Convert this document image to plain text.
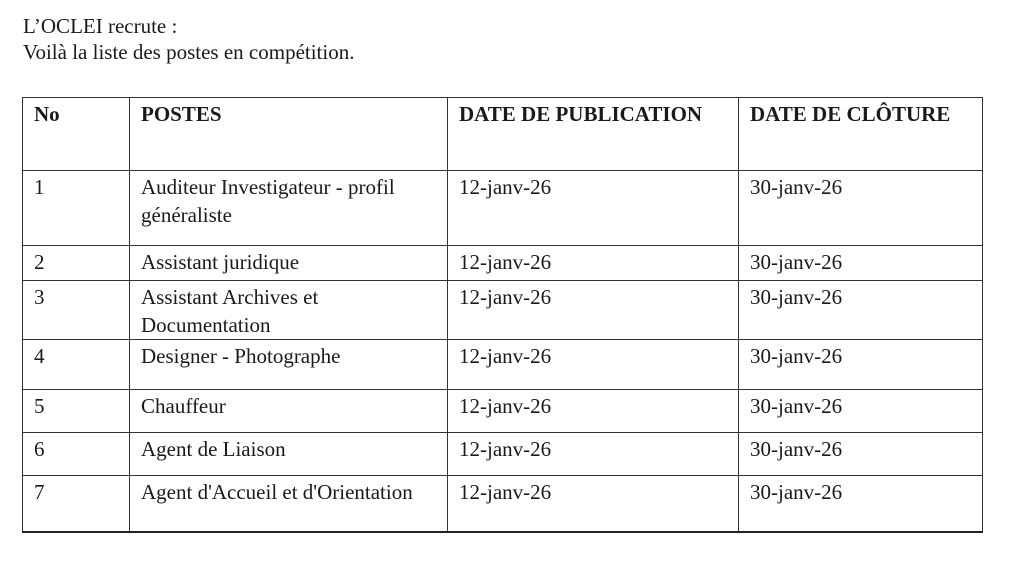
L’OCLEI recrute :
Voilà la liste des postes en compétition.
No	POSTES	DATE DE PUBLICATION	DATE DE CLÔTURE
1	Auditeur Investigateur - profil généraliste	12-janv-26	30-janv-26
2	Assistant juridique	12-janv-26	30-janv-26
3	Assistant Archives et Documentation	12-janv-26	30-janv-26
4	Designer - Photographe	12-janv-26	30-janv-26
5	Chauffeur	12-janv-26	30-janv-26
6	Agent de Liaison	12-janv-26	30-janv-26
7	Agent d'Accueil et d'Orientation	12-janv-26	30-janv-26
